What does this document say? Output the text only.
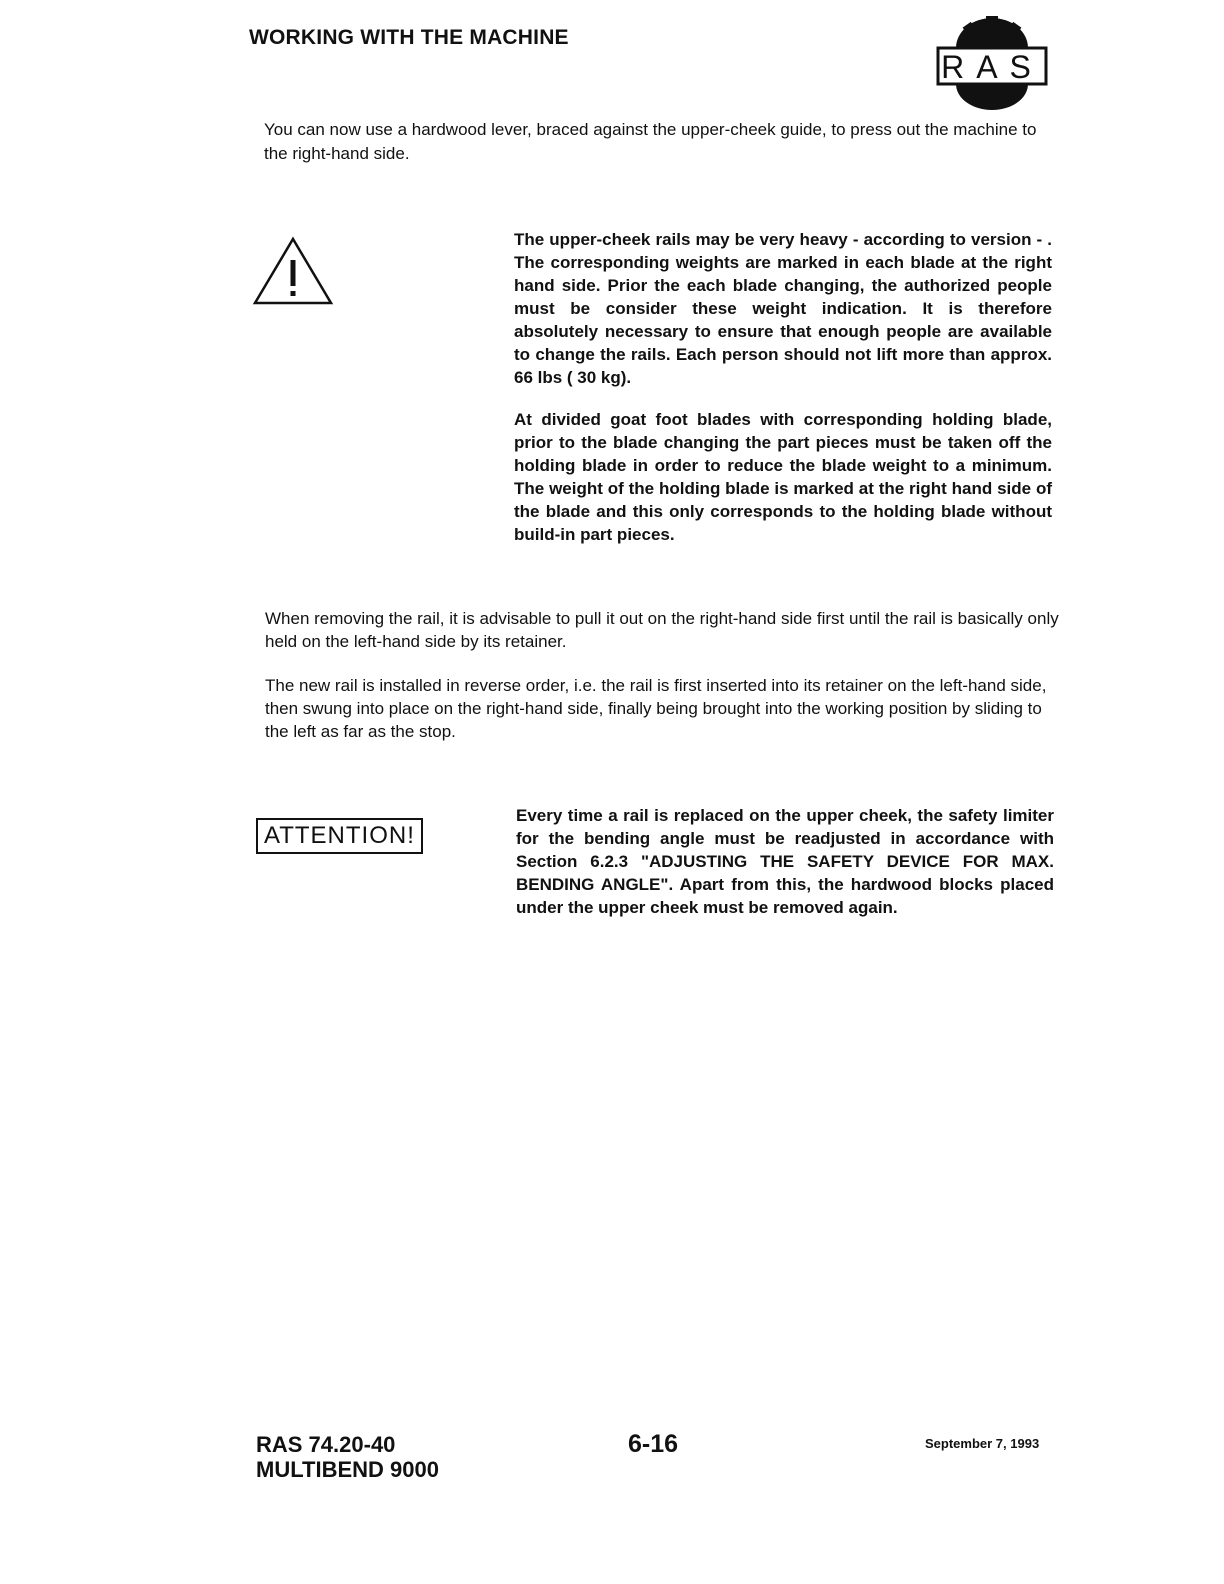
WORKING WITH THE MACHINE
RAS
You can now use a hardwood lever, braced against the upper-cheek guide, to press out the machine to the right-hand side.

The upper-cheek rails may be very heavy - according to version - . The corresponding weights are marked in each blade at the right hand side. Prior the each blade changing, the authorized people must be consider these weight indication. It is therefore absolutely necessary to ensure that enough people are available to change the rails. Each person should not lift more than approx. 66 lbs ( 30 kg).

At divided goat foot blades with corresponding holding blade, prior to the blade changing the part pieces must be taken off the holding blade in order to reduce the blade weight to a minimum. The weight of the holding blade is marked at the right hand side of the blade and this only corresponds to the holding blade without build-in part pieces.

When removing the rail, it is advisable to pull it out on the right-hand side first until the rail is basically only held on the left-hand side by its retainer.
The new rail is installed in reverse order, i.e. the rail is first inserted into its retainer on the left-hand side, then swung into place on the right-hand side, finally being brought into the working position by sliding to the left as far as the stop.
ATTENTION!
Every time a rail is replaced on the upper cheek, the safety limiter for the bending angle must be readjusted in accordance with Section 6.2.3 "ADJUSTING THE SAFETY DEVICE FOR MAX. BENDING ANGLE". Apart from this, the hardwood blocks placed under the upper cheek must be removed again.
RAS 74.20-40
MULTIBEND 9000
6-16	September 7, 1993
